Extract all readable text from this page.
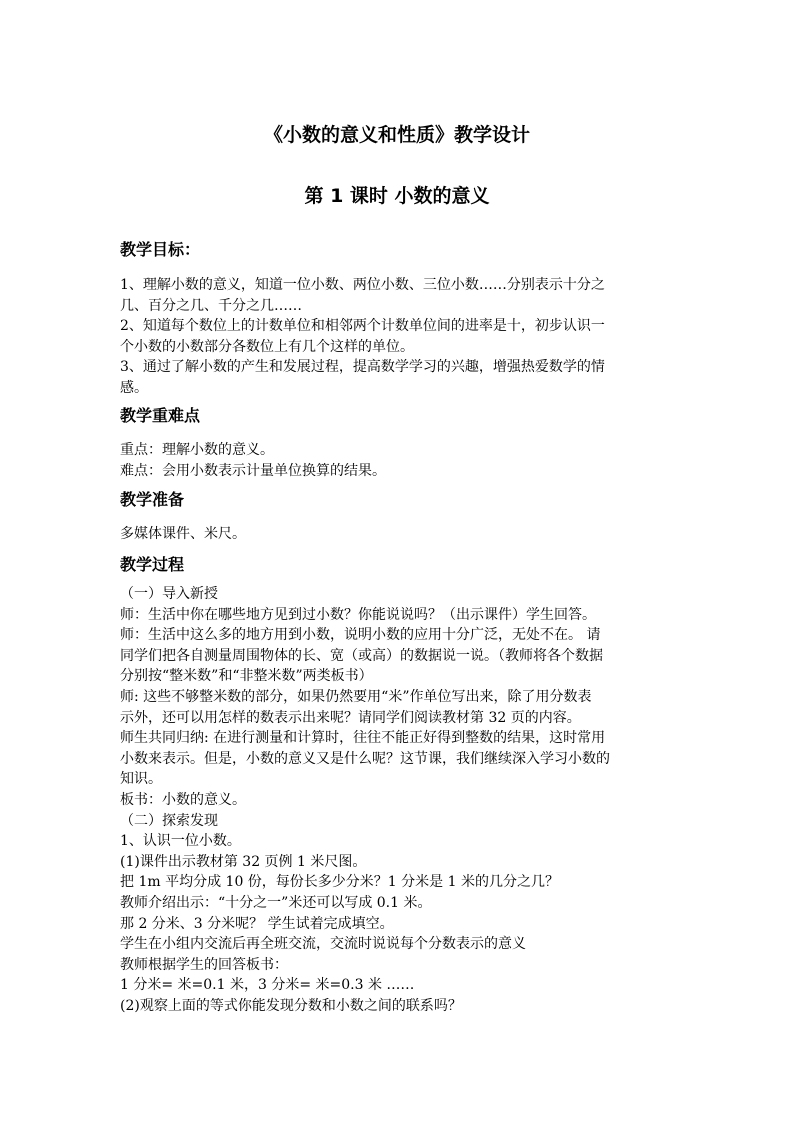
《小数的意义和性质》教学设计
第 1 课时 小数的意义
教学目标：
1、理解小数的意义，知道一位小数、两位小数、三位小数……分别表示十分之
几、百分之几、千分之几……
2、知道每个数位上的计数单位和相邻两个计数单位间的进率是十，初步认识一
个小数的小数部分各数位上有几个这样的单位。
3、通过了解小数的产生和发展过程，提高数学学习的兴趣，增强热爱数学的情
感。
教学重难点
重点：理解小数的意义。
难点：会用小数表示计量单位换算的结果。
教学准备
多媒体课件、米尺。
教学过程
（一）导入新授
师：生活中你在哪些地方见到过小数？你能说说吗？（出示课件）学生回答。
师：生活中这么多的地方用到小数，说明小数的应用十分广泛，无处不在。 请
同学们把各自测量周围物体的长、宽（或高）的数据说一说。（教师将各个数据
分别按“整米数”和“非整米数”两类板书）
师: 这些不够整米数的部分，如果仍然要用“米”作单位写出来，除了用分数表
示外，还可以用怎样的数表示出来呢？请同学们阅读教材第 32 页的内容。
师生共同归纳: 在进行测量和计算时，往往不能正好得到整数的结果，这时常用
小数来表示。但是，小数的意义又是什么呢？这节课，我们继续深入学习小数的
知识。
板书：小数的意义。
（二）探索发现
1、认识一位小数。
(1)课件出示教材第 32 页例 1 米尺图。
把 1m 平均分成 10 份，每份长多少分米？1 分米是 1 米的几分之几？
教师介绍出示：“十分之一”米还可以写成 0.1 米。
那 2 分米、3 分米呢？ 学生试着完成填空。
学生在小组内交流后再全班交流，交流时说说每个分数表示的意义
教师根据学生的回答板书：
1 分米= 米=0.1 米，3 分米= 米=0.3 米 ……
(2)观察上面的等式你能发现分数和小数之间的联系吗？
